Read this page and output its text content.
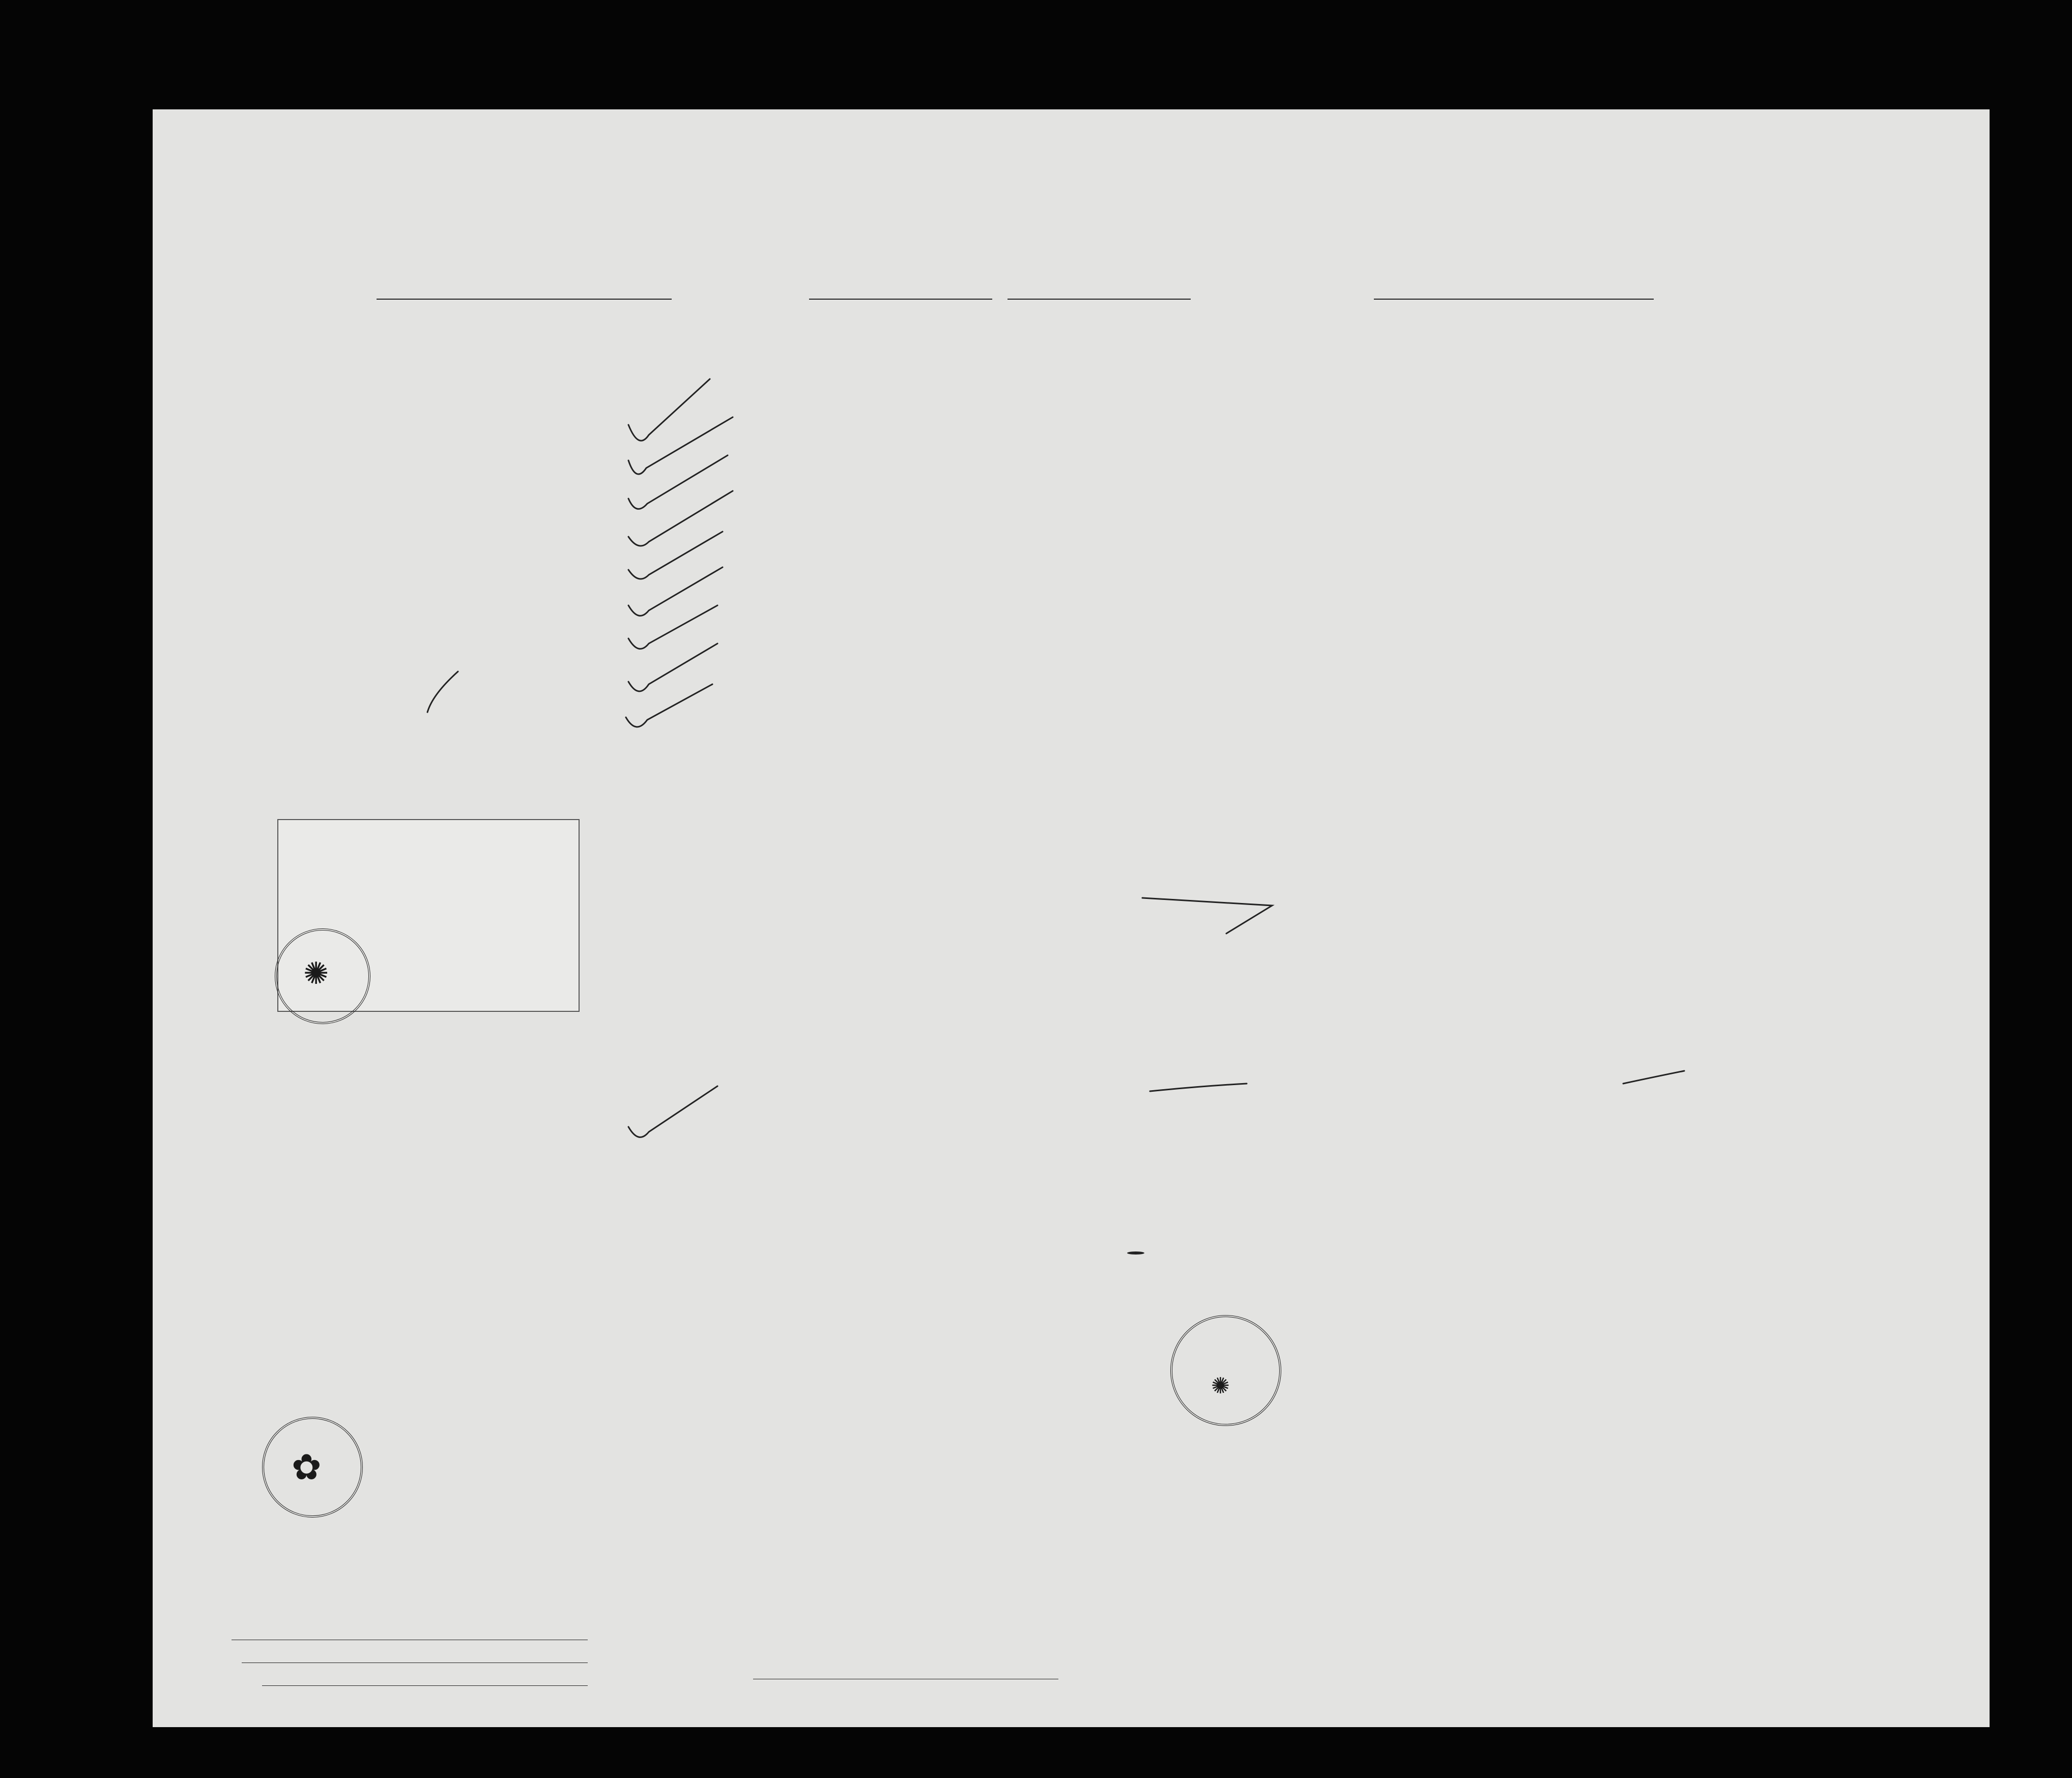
✺
✺
✿
